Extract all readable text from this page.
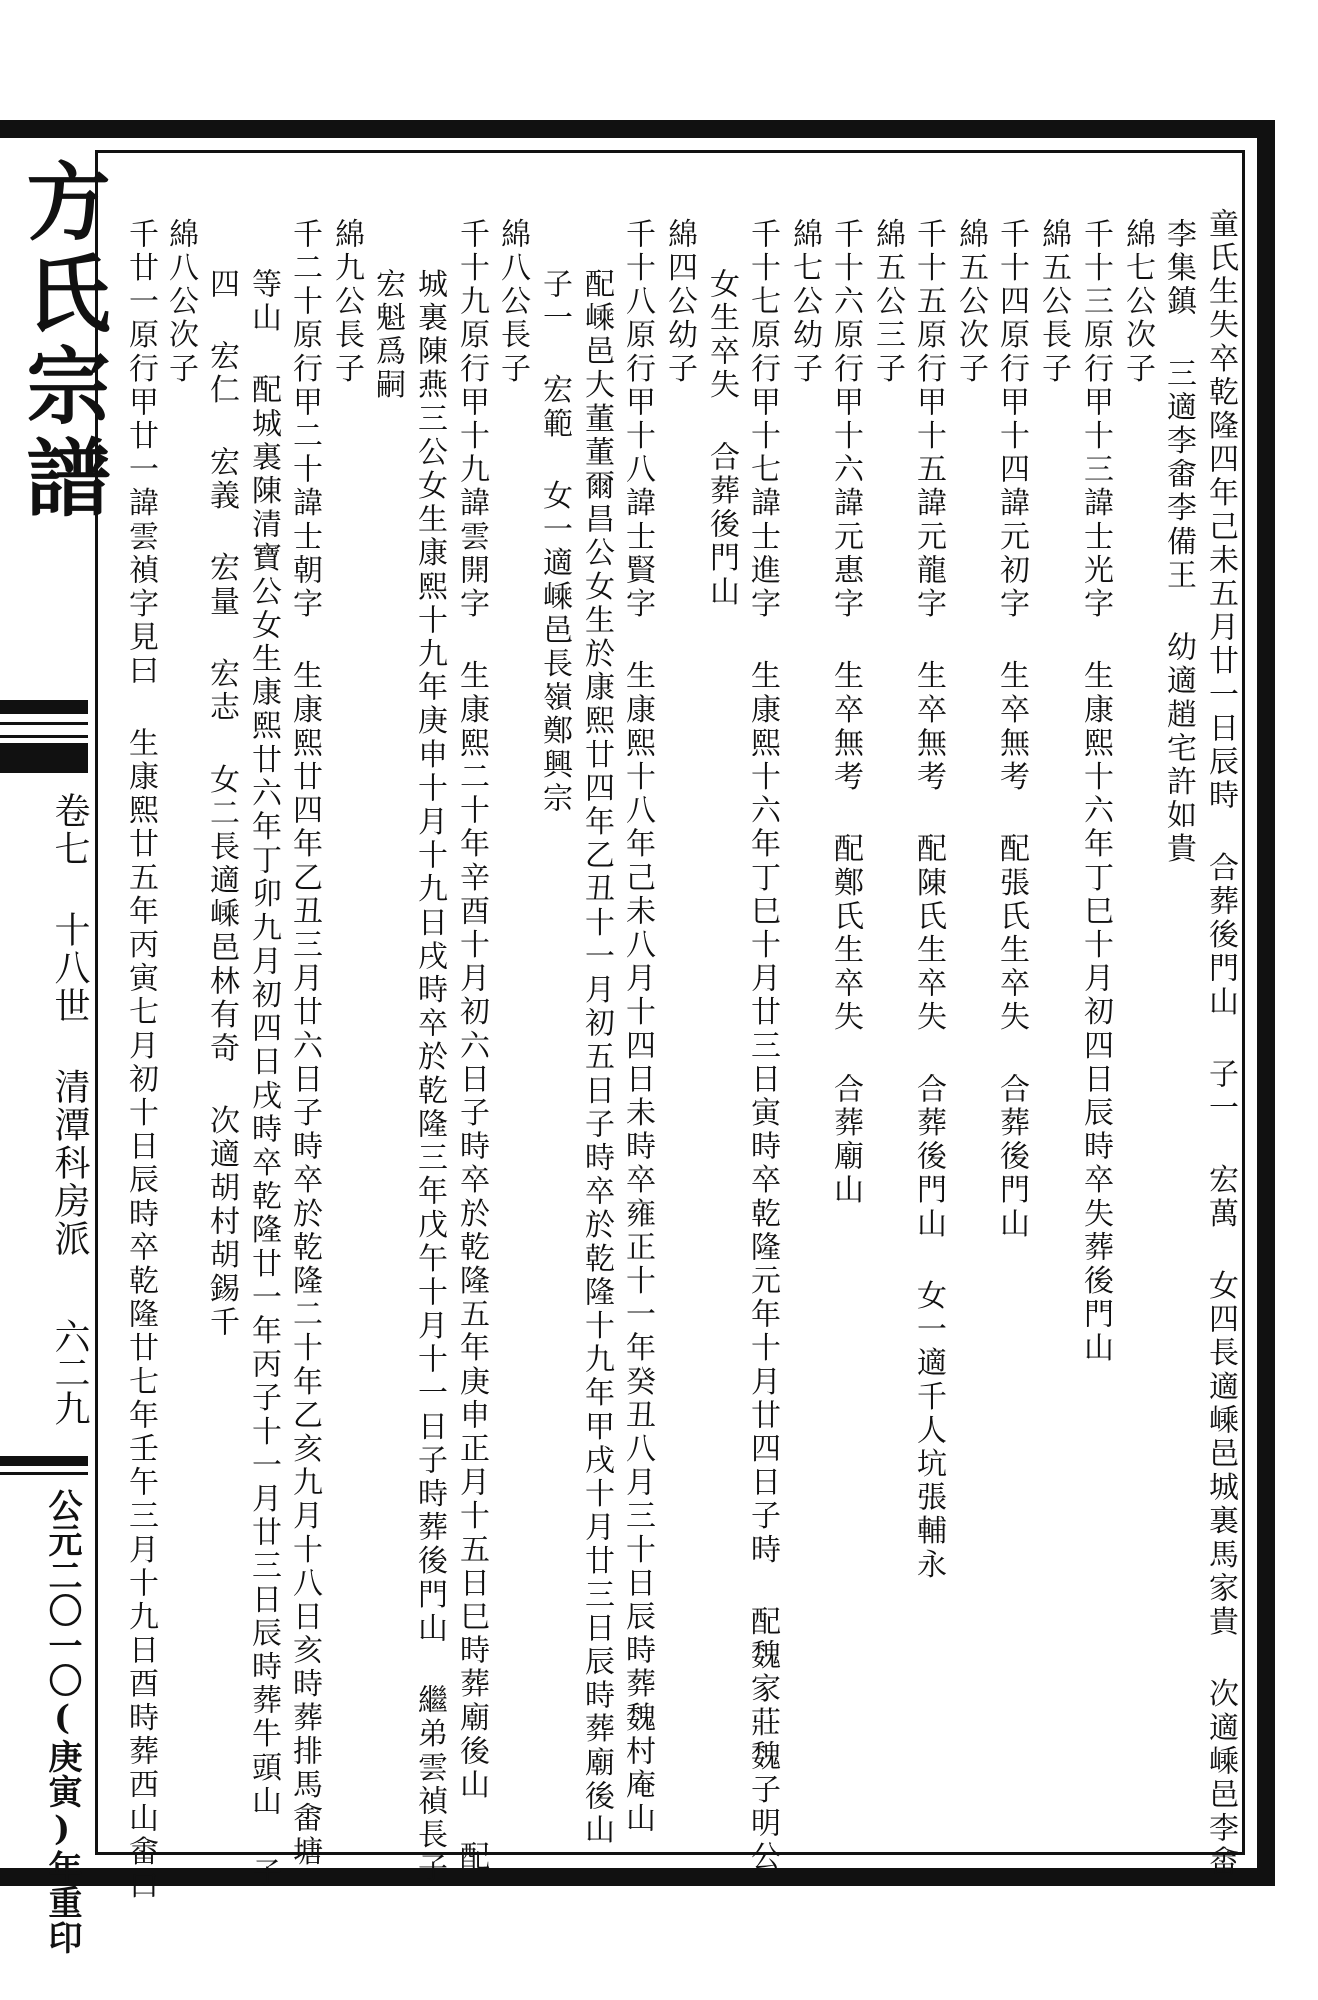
方氏宗譜
卷七 十八世 清潭科房派
六二九
公元二〇一〇(庚寅)年重印	童氏生失卒乾隆四年己未五月廿一日辰時 合葬後門山 子一 宏萬 女四長適嵊邑城裏馬家貴 次適嵊邑李畬
李集鎮 三適李畬李備王 幼適趙宅許如貴
綿七公次子
千十三原行甲十三諱士光字 生康熙十六年丁巳十月初四日辰時卒失葬後門山
綿五公長子
千十四原行甲十四諱元初字 生卒無考 配張氏生卒失 合葬後門山
綿五公次子
千十五原行甲十五諱元龍字 生卒無考 配陳氏生卒失 合葬後門山 女一適千人坑張輔永
綿五公三子
千十六原行甲十六諱元惠字 生卒無考 配鄭氏生卒失 合葬廟山
綿七公幼子
千十七原行甲十七諱士進字 生康熙十六年丁巳十月廿三日寅時卒乾隆元年十月廿四日子時 配魏家莊魏子明公
女生卒失 合葬後門山
綿四公幼子
千十八原行甲十八諱士賢字 生康熙十八年己未八月十四日未時卒雍正十一年癸丑八月三十日辰時葬魏村庵山
配嵊邑大董董爾昌公女生於康熙廿四年乙丑十一月初五日子時卒於乾隆十九年甲戌十月廿三日辰時葬廟後山
子一 宏範 女一適嵊邑長嶺鄭興宗
綿八公長子
千十九原行甲十九諱雲開字 生康熙二十年辛酉十月初六日子時卒於乾隆五年庚申正月十五日巳時葬廟後山 配
城裏陳燕三公女生康熙十九年庚申十月十九日戌時卒於乾隆三年戊午十月十一日子時葬後門山 繼弟雲禎長子
宏魁爲嗣
綿九公長子
千二十原行甲二十諱士朝字 生康熙廿四年乙丑三月廿六日子時卒於乾隆二十年乙亥九月十八日亥時葬排馬畬塘
等山 配城裏陳清寶公女生康熙廿六年丁卯九月初四日戌時卒乾隆廿一年丙子十一月廿三日辰時葬牛頭山 子
四 宏仁 宏義 宏量 宏志 女二長適嵊邑林有奇 次適胡村胡錫千
綿八公次子
千廿一原行甲廿一諱雲禎字見曰 生康熙廿五年丙寅七月初十日辰時卒乾隆廿七年壬午三月十九日酉時葬西山畬口
